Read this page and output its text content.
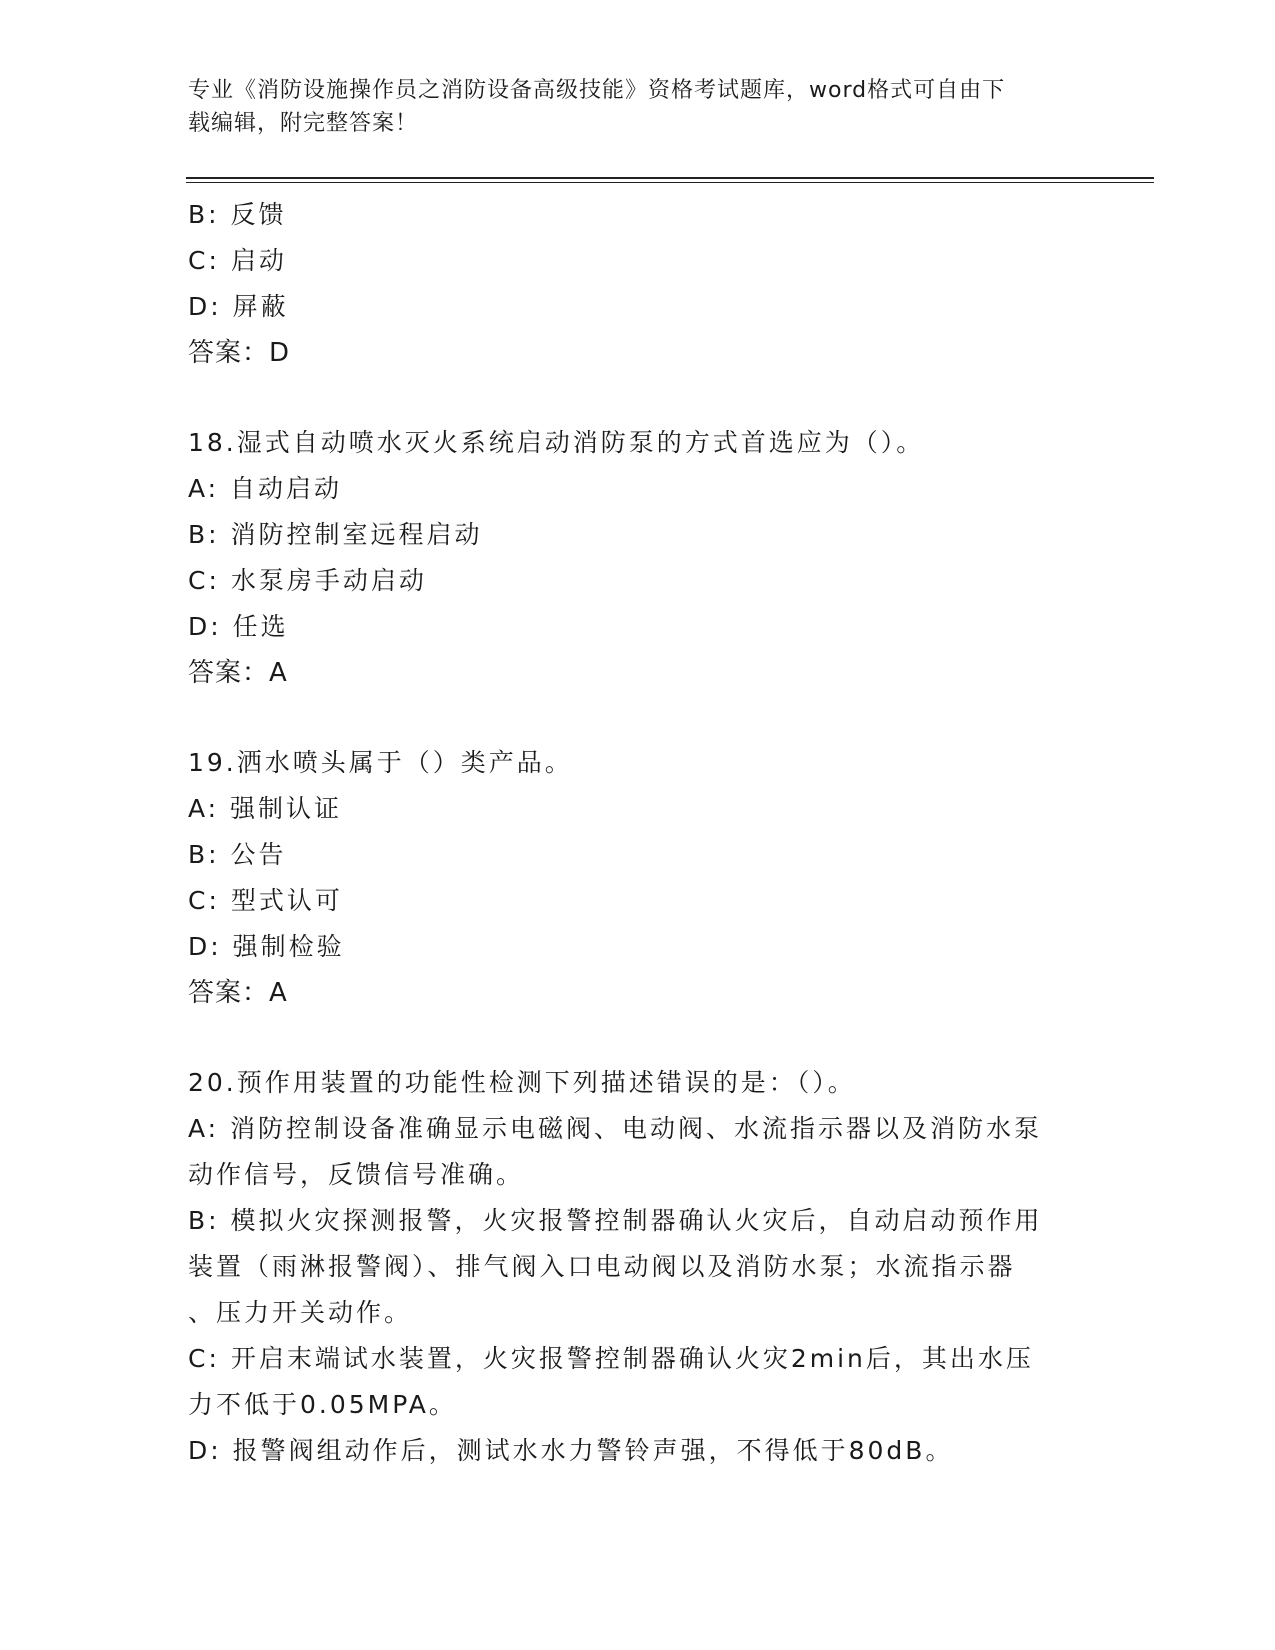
专业《消防设施操作员之消防设备高级技能》资格考试题库，word格式可自由下
载编辑，附完整答案！
B: 反馈
C: 启动
D: 屏蔽
答案：D
18.湿式自动喷水灭火系统启动消防泵的方式首选应为（）。
A: 自动启动
B: 消防控制室远程启动
C: 水泵房手动启动
D: 任选
答案：A
19.洒水喷头属于（）类产品。
A: 强制认证
B: 公告
C: 型式认可
D: 强制检验
答案：A
20.预作用装置的功能性检测下列描述错误的是：（）。
A: 消防控制设备准确显示电磁阀、电动阀、水流指示器以及消防水泵
动作信号，反馈信号准确。
B: 模拟火灾探测报警，火灾报警控制器确认火灾后，自动启动预作用
装置（雨淋报警阀）、排气阀入口电动阀以及消防水泵；水流指示器
、压力开关动作。
C: 开启末端试水装置，火灾报警控制器确认火灾2min后，其出水压
力不低于0.05MPA。
D: 报警阀组动作后，测试水水力警铃声强，不得低于80dB。
